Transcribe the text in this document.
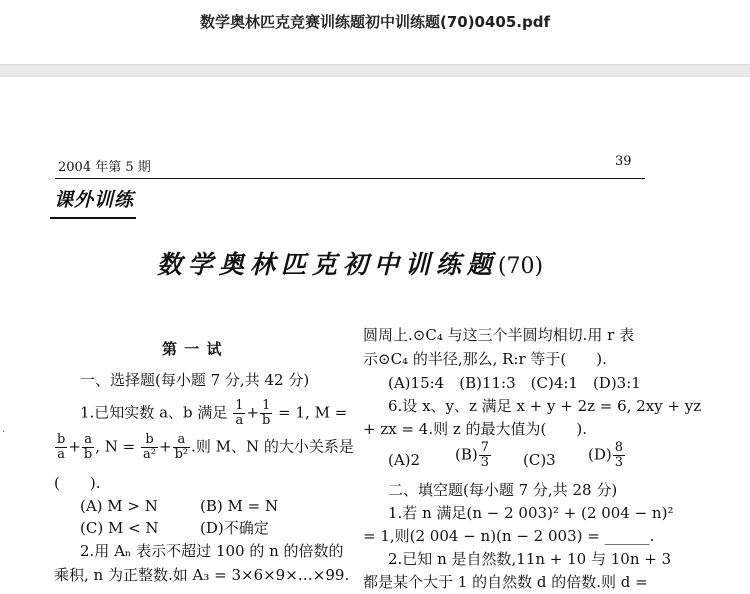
数学奥林匹克竞赛训练题初中训练题(70)0405.pdf
·
2004 年第 5 期	39
课外训练
数学奥林匹克初中训练题(70)
第 一 试
一、选择题(每小题 7 分,共 42 分)
1.已知实数 a、b 满足 $\frac{1}{a} + \frac{1}{b} = 1$, M =
$\frac{b}{a} + \frac{a}{b}$ , $N = \frac{b}{\text{a²}} + \frac{a}{\text{b²}}$ .则 M、N 的大小关系是
(　　).
(A) M > N	(B) M = N
(C) M < N	(D)不确定
2.用 Aₙ 表示不超过 100 的 n 的倍数的
乘积, n 为正整数.如 A₃ = 3×6×9×…×99.
圆周上.⊙C₄ 与这三个半圆均相切.用 r 表
示⊙C₄ 的半径,那么, R:r 等于(　　).
(A)15:4　(B)11:3　(C)4:1　(D)3:1
6.设 x、y、z 满足 x + y + 2z = 6, 2xy + yz
+ zx = 4.则 z 的最大值为(　　).
(A)2 $(B) \frac{7}{3} (C)3$ $(D) \frac{8}{3}$
二、填空题(每小题 7 分,共 28 分)
1.若 n 满足(n − 2 003)² + (2 004 − n)²
= 1,则(2 004 − n)(n − 2 003) = ______.
2.已知 n 是自然数,11n + 10 与 10n + 3
都是某个大于 1 的自然数 d 的倍数.则 d =
